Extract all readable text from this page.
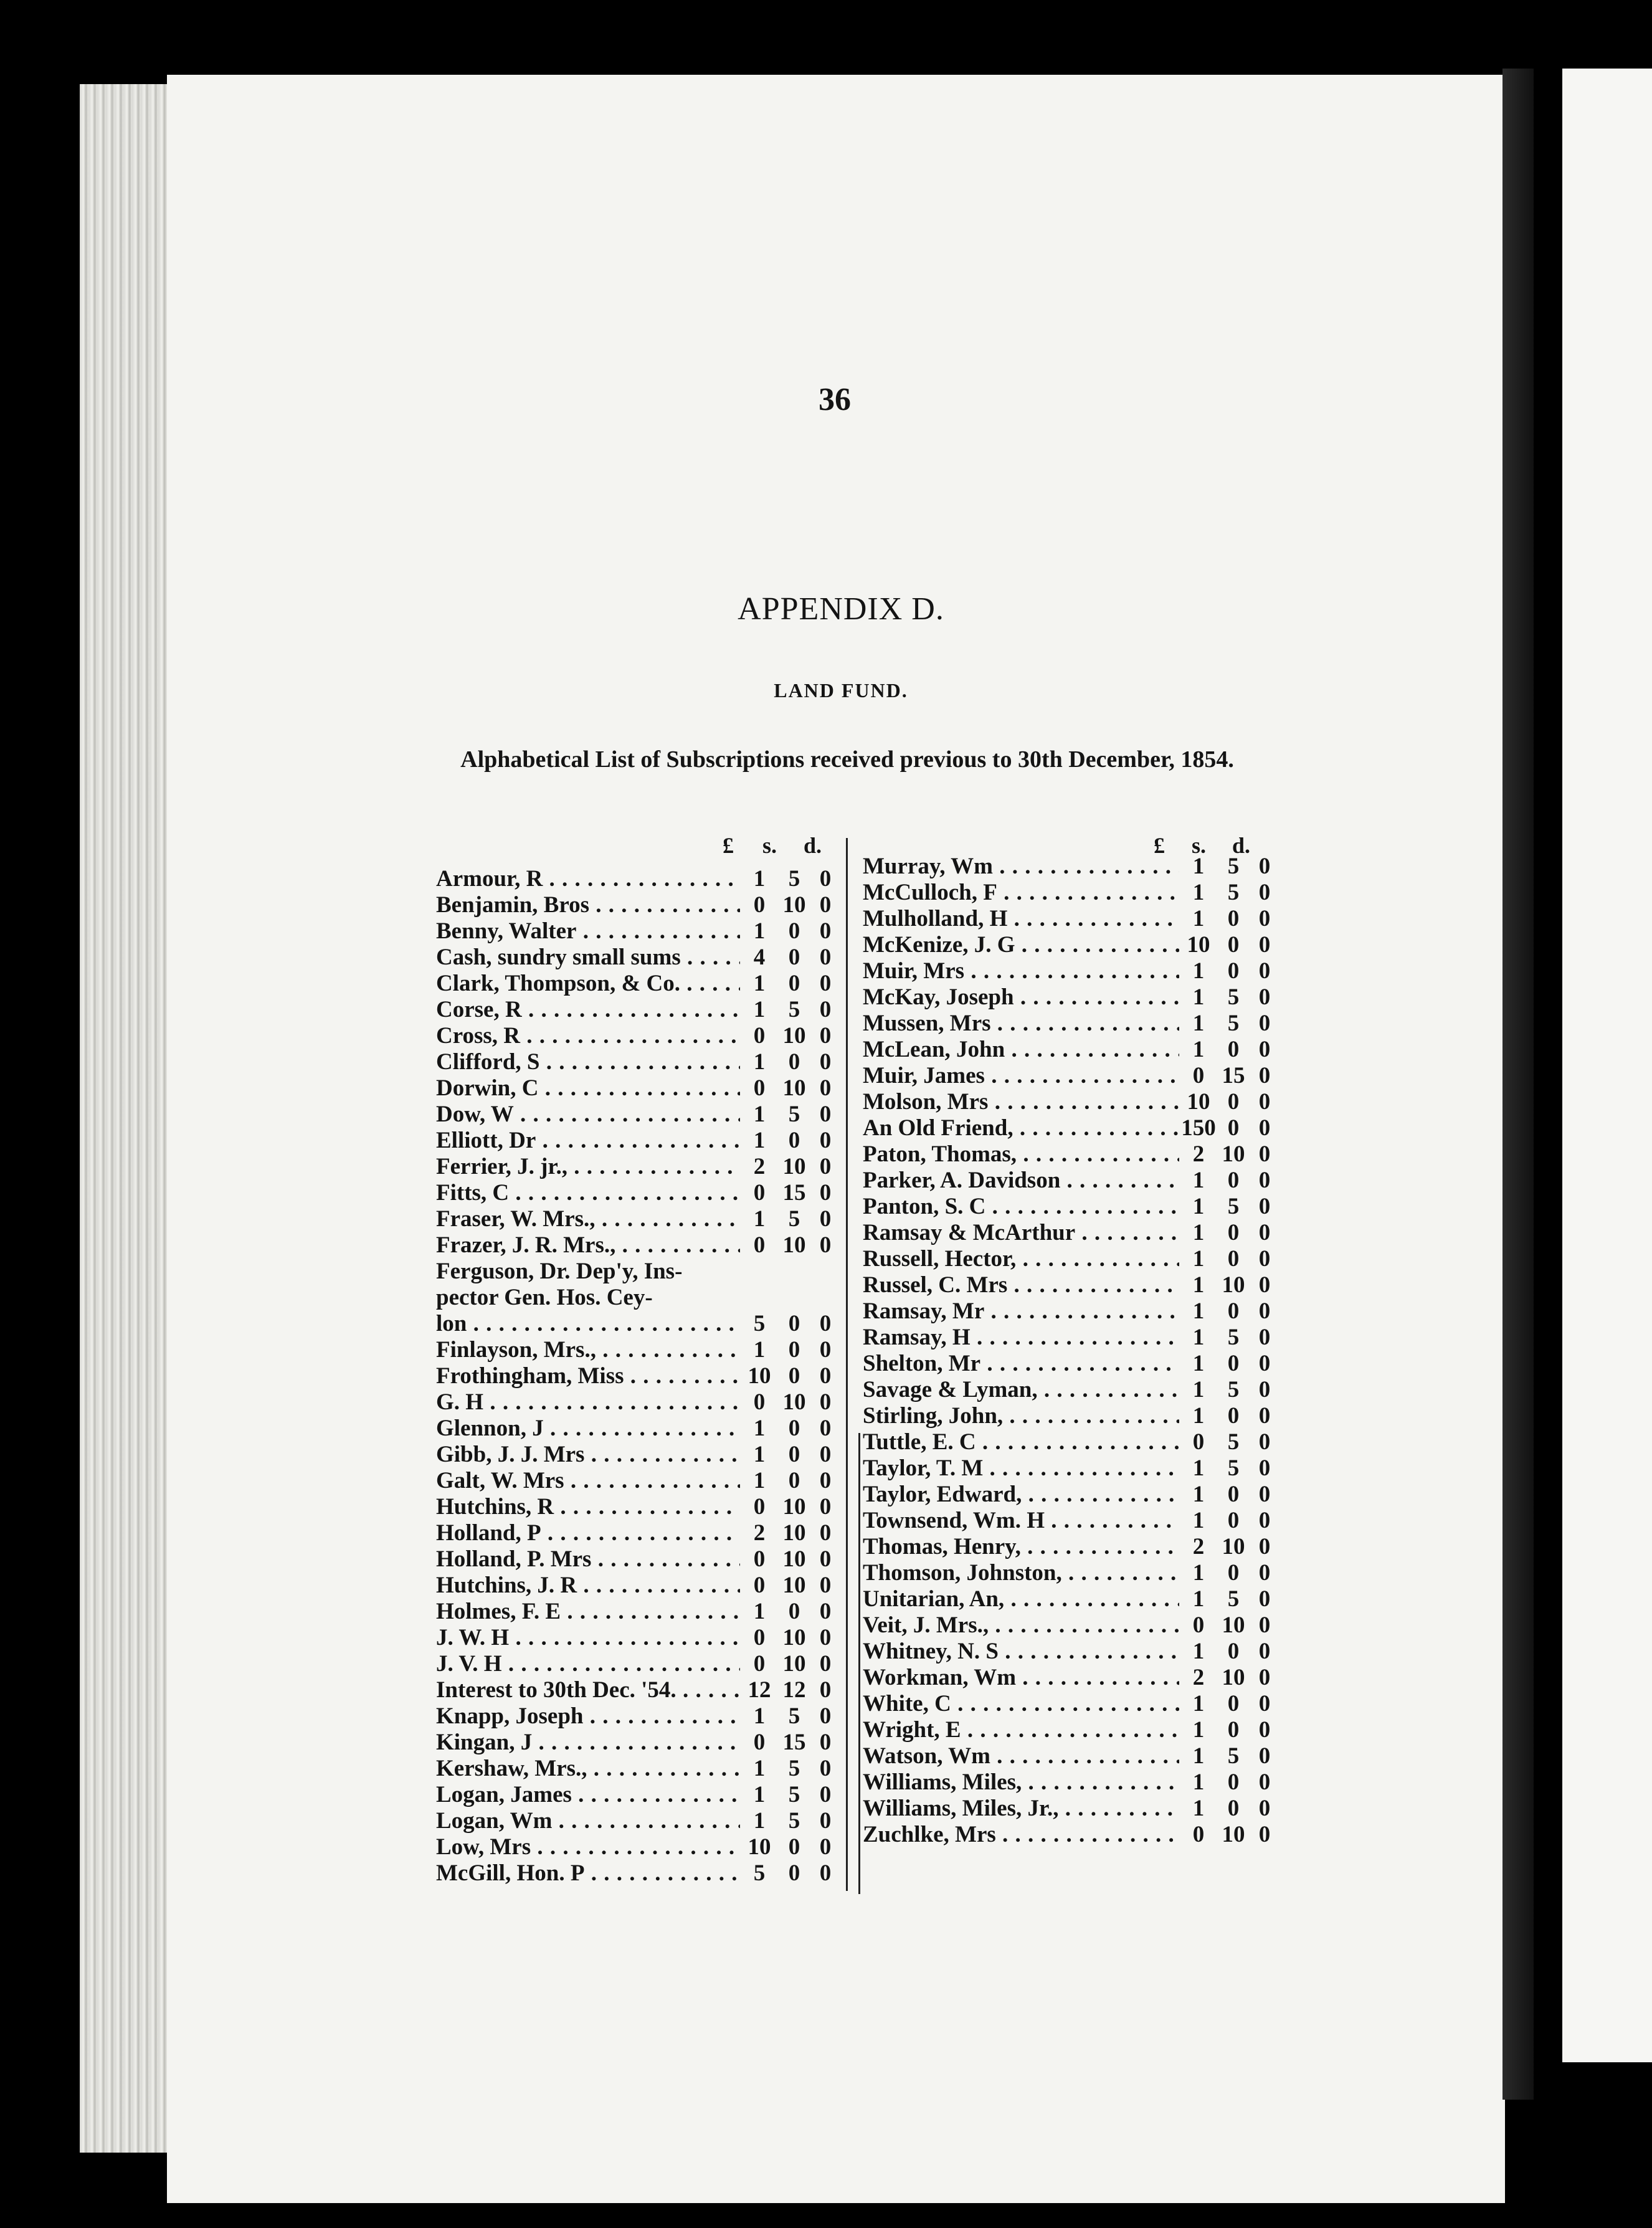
36
APPENDIX D.
LAND FUND.
Alphabetical List of Subscriptions received previous to 30th December, 1854.
£ s. d.	£ s. d.
Armour, R . . .	1	5 0
Benjamin, Bros . . .	0 10 0
Benny, Walter . . .	1	0 0
Cash, sundry small sums . . .	4	0 0
Clark, Thompson, & Co. . . .	1	0 0
Corse, R . . .	1	5 0
Cross, R . . .	0 10 0
Clifford, S . . .	1	0 0
Dorwin, C . . .	0 10 0
Dow, W . . .	1	5 0
Elliott, Dr . . .	1	0 0
Ferrier, J. jr., . . .	2 10 0
Fitts, C . . .	0 15 0
Fraser, W. Mrs., . . .	1	5 0
Frazer, J. R. Mrs., . . .	0 10 0
Ferguson, Dr. Dep'y, Ins-
pector Gen. Hos. Cey-
lon . . .	5	0 0
Finlayson, Mrs., . . .	1	0 0
Frothingham, Miss . . .	10 0 0
G. H . . .	0 10 0
Glennon, J . . .	1	0 0
Gibb, J. J. Mrs . . .	1	0 0
Galt, W. Mrs . . .	1	0 0
Hutchins, R . . .	0 10 0
Holland, P . . .	2 10 0
Holland, P. Mrs . . .	0 10 0
Hutchins, J. R . . .	0 10 0
Holmes, F. E . . .	1	0 0
J. W. H . . .	0 10 0
J. V. H . . .	0 10 0
Interest to 30th Dec. '54. . . .	12 12 0
Knapp, Joseph . . .	1	5 0
Kingan, J . . .	0 15 0
Kershaw, Mrs., . . .	1	5 0
Logan, James . . .	1	5 0
Logan, Wm . . .	1	5 0
Low, Mrs . . .	10 0 0
McGill, Hon. P . . .	5	0 0
Murray, Wm . . .	1	5 0
McCulloch, F . . .	1	5 0
Mulholland, H . . .	1	0 0
McKenize, J. G . . .	10 0 0
Muir, Mrs . . .	1	0 0
McKay, Joseph . . .	1	5 0
Mussen, Mrs . . .	1	5 0
McLean, John . . .	1	0 0
Muir, James . . .	0 15 0
Molson, Mrs . . .	10 0 0
An Old Friend, . . .	150 0 0
Paton, Thomas, . . .	2 10 0
Parker, A. Davidson . . .	1	0 0
Panton, S. C . . .	1	5 0
Ramsay & McArthur . . .	1	0 0
Russell, Hector, . . .	1	0 0
Russel, C. Mrs . . .	1 10 0
Ramsay, Mr . . .	1	0 0
Ramsay, H . . .	1	5 0
Shelton, Mr . . .	1	0 0
Savage & Lyman, . . .	1	5 0
Stirling, John, . . .	1	0 0
Tuttle, E. C . . .	0	5 0
Taylor, T. M . . .	1	5 0
Taylor, Edward, . . .	1	0 0
Townsend, Wm. H . . .	1	0 0
Thomas, Henry, . . .	2 10 0
Thomson, Johnston, . . .	1	0 0
Unitarian, An, . . .	1	5 0
Veit, J. Mrs., . . .	0 10 0
Whitney, N. S . . .	1	0 0
Workman, Wm . . .	2 10 0
White, C . . .	1	0 0
Wright, E . . .	1	0 0
Watson, Wm . . .	1	5 0
Williams, Miles, . . .	1	0 0
Williams, Miles, Jr., . . .	1	0 0
Zuchlke, Mrs . . .	0 10 0
